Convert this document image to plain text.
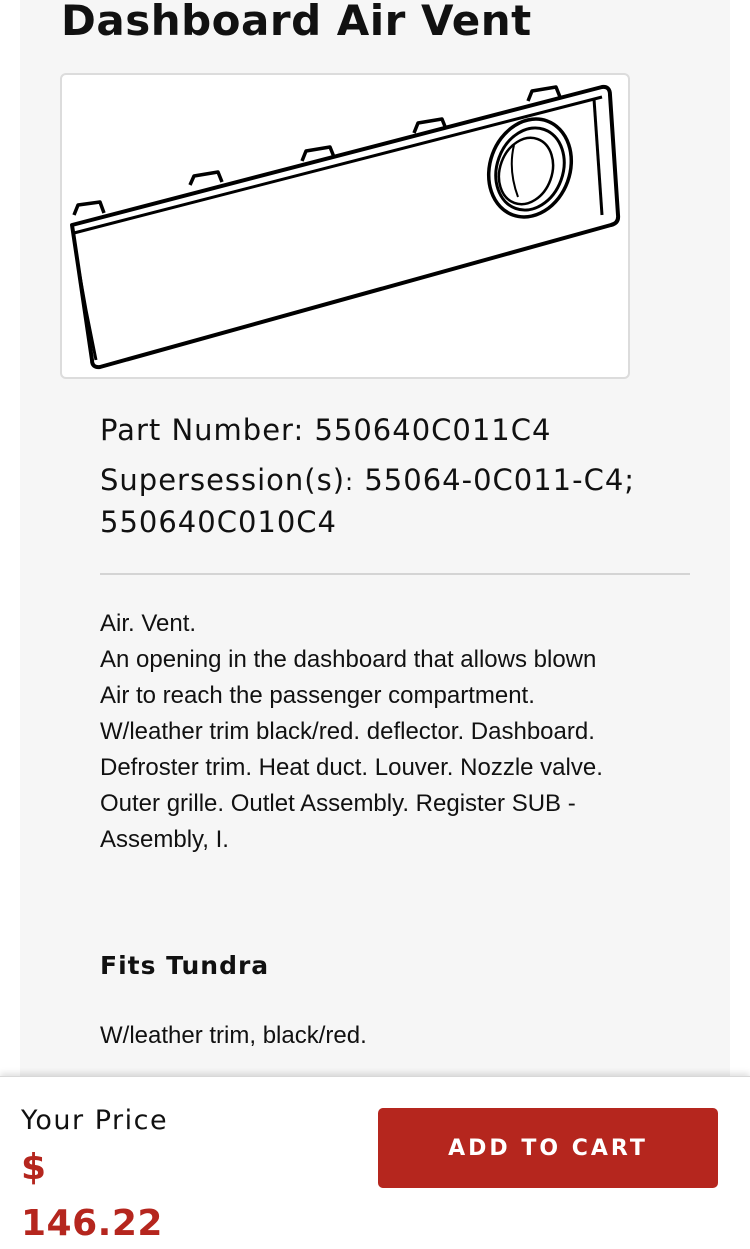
Dashboard Air Vent
Part Number: 550640C011C4
Supersession(s): 55064-0C011-C4;
550640C010C4
Air. Vent.
An opening in the dashboard that allows blown
Air to reach the passenger compartment.
W/leather trim black/red. deflector. Dashboard.
Defroster trim. Heat duct. Louver. Nozzle valve.
Outer grille. Outlet Assembly. Register SUB -
Assembly, I.
Fits Tundra
W/leather trim, black/red.
Your Price
$
146.22
ADD TO CART
